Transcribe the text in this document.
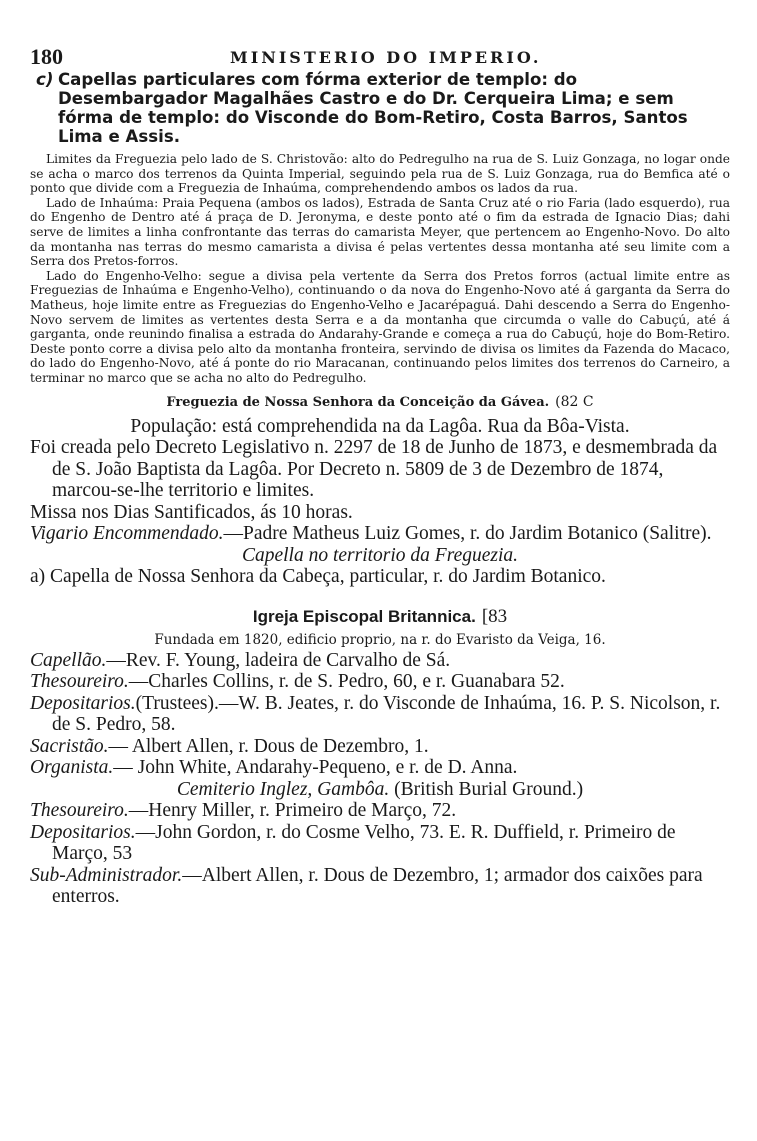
180	MINISTERIO DO IMPERIO.
c) Capellas particulares com fórma exterior de templo: do Desembargador Magalhães Castro e do Dr. Cerqueira Lima; e sem fórma de templo: do Visconde do Bom-Retiro, Costa Barros, Santos Lima e Assis.

Limites da Freguezia pelo lado de S. Christovão: alto do Pedregulho na rua de S. Luiz Gonzaga, no logar onde se acha o marco dos terrenos da Quinta Imperial, seguindo pela rua de S. Luiz Gonzaga, rua do Bemfica até o ponto que divide com a Freguezia de Inhaúma, comprehendendo ambos os lados da rua.

Lado de Inhaúma: Praia Pequena (ambos os lados), Estrada de Santa Cruz até o rio Faria (lado esquerdo), rua do Engenho de Dentro até á praça de D. Jeronyma, e deste ponto até o fim da estrada de Ignacio Dias; dahi serve de limites a linha confrontante das terras do camarista Meyer, que pertencem ao Engenho-Novo. Do alto da montanha nas terras do mesmo camarista a divisa é pelas vertentes dessa montanha até seu limite com a Serra dos Pretos-forros.

Lado do Engenho-Velho: segue a divisa pela vertente da Serra dos Pretos forros (actual limite entre as Freguezias de Inhaúma e Engenho-Velho), continuando o da nova do Engenho-Novo até á garganta da Serra do Matheus, hoje limite entre as Freguezias do Engenho-Velho e Jacarépaguá. Dahi descendo a Serra do Engenho-Novo servem de limites as vertentes desta Serra e a da montanha que circumda o valle do Cabuçú, até á garganta, onde reunindo finalisa a estrada do Andarahy-Grande e começa a rua do Cabuçú, hoje do Bom-Retiro. Deste ponto corre a divisa pelo alto da montanha fronteira, servindo de divisa os limites da Fazenda do Macaco, do lado do Engenho-Novo, até á ponte do rio Maracanan, continuando pelos limites dos terrenos do Carneiro, a terminar no marco que se acha no alto do Pedregulho.

Freguezia de Nossa Senhora da Conceição da Gávea. (82 C

População: está comprehendida na da Lagôa. Rua da Bôa-Vista.

Foi creada pelo Decreto Legislativo n. 2297 de 18 de Junho de 1873, e desmembrada da de S. João Baptista da Lagôa. Por Decreto n. 5809 de 3 de Dezembro de 1874, marcou-se-lhe territorio e limites.

Missa nos Dias Santificados, ás 10 horas.

Vigario Encommendado.—Padre Matheus Luiz Gomes, r. do Jardim Botanico (Salitre).

Capella no territorio da Freguezia.

a) Capella de Nossa Senhora da Cabeça, particular, r. do Jardim Botanico.

Igreja Episcopal Britannica. [83
Fundada em 1820, edificio proprio, na r. do Evaristo da Veiga, 16.

Capellão.—Rev. F. Young, ladeira de Carvalho de Sá.

Thesoureiro.—Charles Collins, r. de S. Pedro, 60, e r. Guanabara 52.

Depositarios.(Trustees).—W. B. Jeates, r. do Visconde de Inhaúma, 16. P. S. Nicolson, r. de S. Pedro, 58.

Sacristão.— Albert Allen, r. Dous de Dezembro, 1.

Organista.— John White, Andarahy-Pequeno, e r. de D. Anna.

Cemiterio Inglez, Gambôa. (British Burial Ground.)

Thesoureiro.—Henry Miller, r. Primeiro de Março, 72.

Depositarios.—John Gordon, r. do Cosme Velho, 73. E. R. Duffield, r. Primeiro de Março, 53

Sub-Administrador.—Albert Allen, r. Dous de Dezembro, 1; armador dos caixões para enterros.
